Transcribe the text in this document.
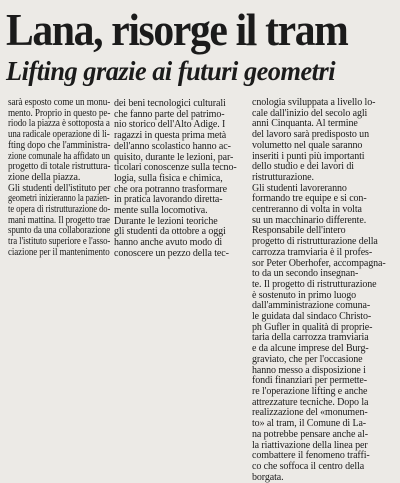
Lana, risorge il tram
Lifting grazie ai futuri geometri

sarà esposto come un monu-

mento. Proprio in questo pe-

riodo la piazza è sottoposta a

una radicale operazione di li-

fting dopo che l'amministra-

zione comunale ha affidato un

progetto di totale ristruttura-

zione della piazza.

Gli studenti dell'istituto per

geometri inizieranno la pazien-

te opera di ristrutturazione do-

mani mattina. Il progetto trae

spunto da una collaborazione

tra l'istituto superiore e l'asso-

ciazione per il mantenimento

dei beni tecnologici culturali

che fanno parte del patrimo-

nio storico dell'Alto Adige. I

ragazzi in questa prima metà

dell'anno scolastico hanno ac-

quisito, durante le lezioni, par-

ticolari conoscenze sulla tecno-

logia, sulla fisica e chimica,

che ora potranno trasformare

in pratica lavorando diretta-

mente sulla locomotiva.

Durante le lezioni teoriche

gli studenti da ottobre a oggi

hanno anche avuto modo di

conoscere un pezzo della tec-

cnologia sviluppata a livello lo-

cale dall'inizio del secolo agli

anni Cinquanta. Al termine

del lavoro sarà predisposto un

volumetto nel quale saranno

inseriti i punti più importanti

dello studio e dei lavori di

ristrutturazione.

Gli studenti lavoreranno

formando tre equipe e si con-

centreranno di volta in volta

su un macchinario differente.

Responsabile dell'intero

progetto di ristrutturazione della

carrozza tramviaria è il profes-

sor Peter Oberhofer, accompagna-

to da un secondo insegnan-

te. Il progetto di ristrutturazione

è sostenuto in primo luogo

dall'amministrazione comuna-

le guidata dal sindaco Christo-

ph Gufler in qualità di proprie-

taria della carrozza tramviaria

e da alcune imprese del Burg-

graviato, che per l'occasione

hanno messo a disposizione i

fondi finanziari per permette-

re l'operazione lifting e anche

attrezzature tecniche. Dopo la

realizzazione del «monumen-

to» al tram, il Comune di La-

na potrebbe pensare anche al-

la riattivazione della linea per

combattere il fenomeno traffi-

co che soffoca il centro della

borgata.
